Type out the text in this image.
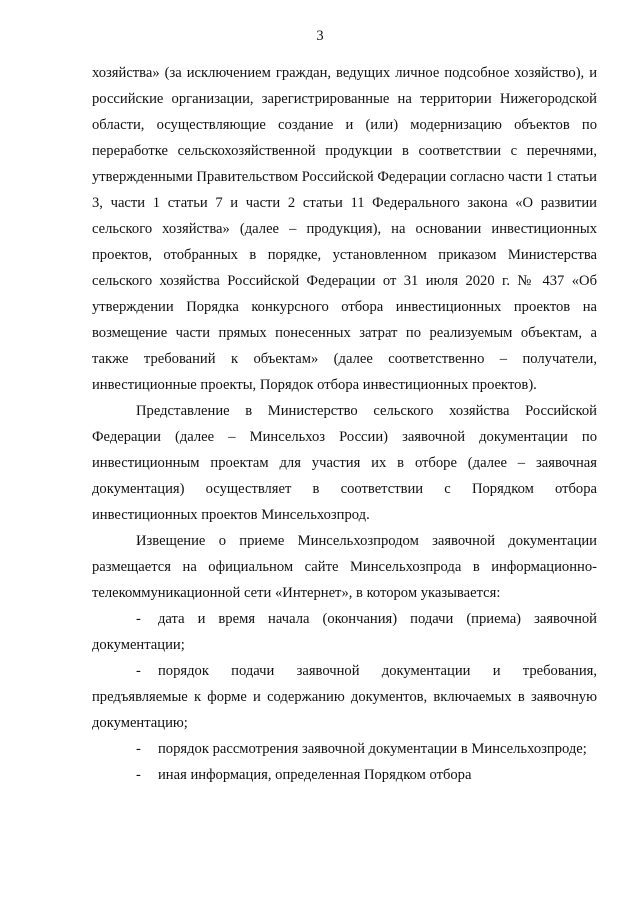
3

хозяйства» (за исключением граждан, ведущих личное подсобное хозяйство), и российские организации, зарегистрированные на территории Нижегородской области, осуществляющие создание и (или) модернизацию объектов по переработке сельскохозяйственной продукции в соответствии с перечнями, утвержденными Правительством Российской Федерации согласно части 1 статьи 3, части 1 статьи 7 и части 2 статьи 11 Федерального закона «О развитии сельского хозяйства» (далее – продукция), на основании инвестиционных проектов, отобранных в порядке, установленном приказом Министерства сельского хозяйства Российской Федерации от 31 июля 2020 г. № 437 «Об утверждении Порядка конкурсного отбора инвестиционных проектов на возмещение части прямых понесенных затрат по реализуемым объектам, а также требований к объектам» (далее соответственно – получатели, инвестиционные проекты, Порядок отбора инвестиционных проектов).

Представление в Министерство сельского хозяйства Российской Федерации (далее – Минсельхоз России) заявочной документации по инвестиционным проектам для участия их в отборе (далее – заявочная документация) осуществляет в соответствии с Порядком отбора инвестиционных проектов Минсельхозпрод.

Извещение о приеме Минсельхозпродом заявочной документации размещается на официальном сайте Минсельхозпрода в информационно-телекоммуникационной сети «Интернет», в котором указывается:

- дата и время начала (окончания) подачи (приема) заявочной документации;
- порядок подачи заявочной документации и требования, предъявляемые к форме и содержанию документов, включаемых в заявочную документацию;
- порядок рассмотрения заявочной документации в Минсельхозпроде;
- иная информация, определенная Порядком отбора
